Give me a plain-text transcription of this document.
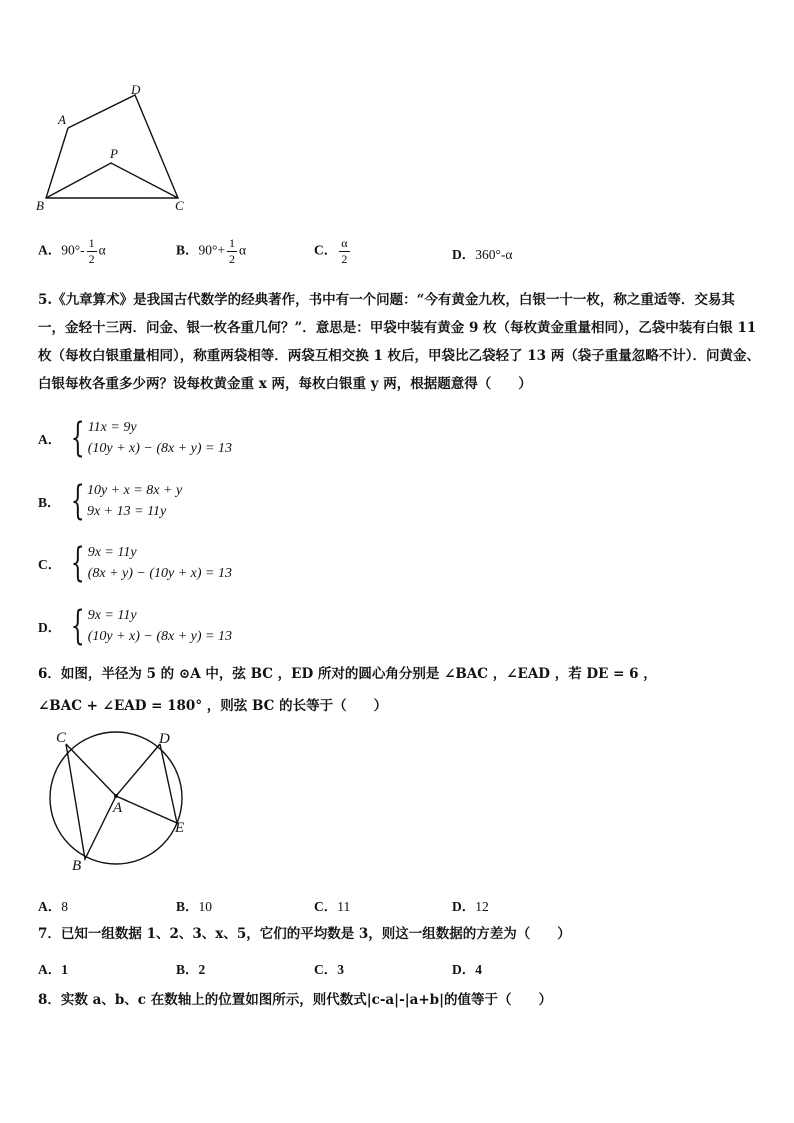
A
D
P
B	C
A．$90^\circ- \frac{1}{2}$ α	B．$90^\circ+ \frac{1}{2}$ α	C． $\frac{\alpha}{2}$	D．360°-α
5.《九章算术》是我国古代数学的经典著作，书中有一个问题：“今有黄金九枚，白银一十一枚，称之重适等．交易其
一，金轻十三两．问金、银一枚各重几何？”．意思是：甲袋中装有黄金 9 枚（每枚黄金重量相同），乙袋中装有白银 11
枚（每枚白银重量相同），称重两袋相等．两袋互相交换 1 枚后，甲袋比乙袋轻了 13 两（袋子重量忽略不计）．问黄金、
白银每枚各重多少两？设每枚黄金重 x 两，每枚白银重 y 两，根据题意得（　　）
A． { 11x = 9y
(10y + x) − (8x + y) = 13
B． { 10y + x = 8x + y
9x + 13 = 11y
C． { 9x = 11y
(8x + y) − (10y + x) = 13
D． { 9x = 11y
(10y + x) − (8x + y) = 13
6．如图，半径为 5 的 ⊙A 中，弦 BC ，ED 所对的圆心角分别是 ∠BAC ，∠EAD ，若 DE = 6 ，
∠BAC + ∠EAD = 180° ，则弦 BC 的长等于（　　）
C	D
A
E
B
A．8	B．10	C．11	D．12
7．已知一组数据 1、2、3、x、5，它们的平均数是 3，则这一组数据的方差为（　　）
A．1	B．2	C．3	D．4
8．实数 a、b、c 在数轴上的位置如图所示，则代数式|c-a|-|a+b|的值等于（　　）
